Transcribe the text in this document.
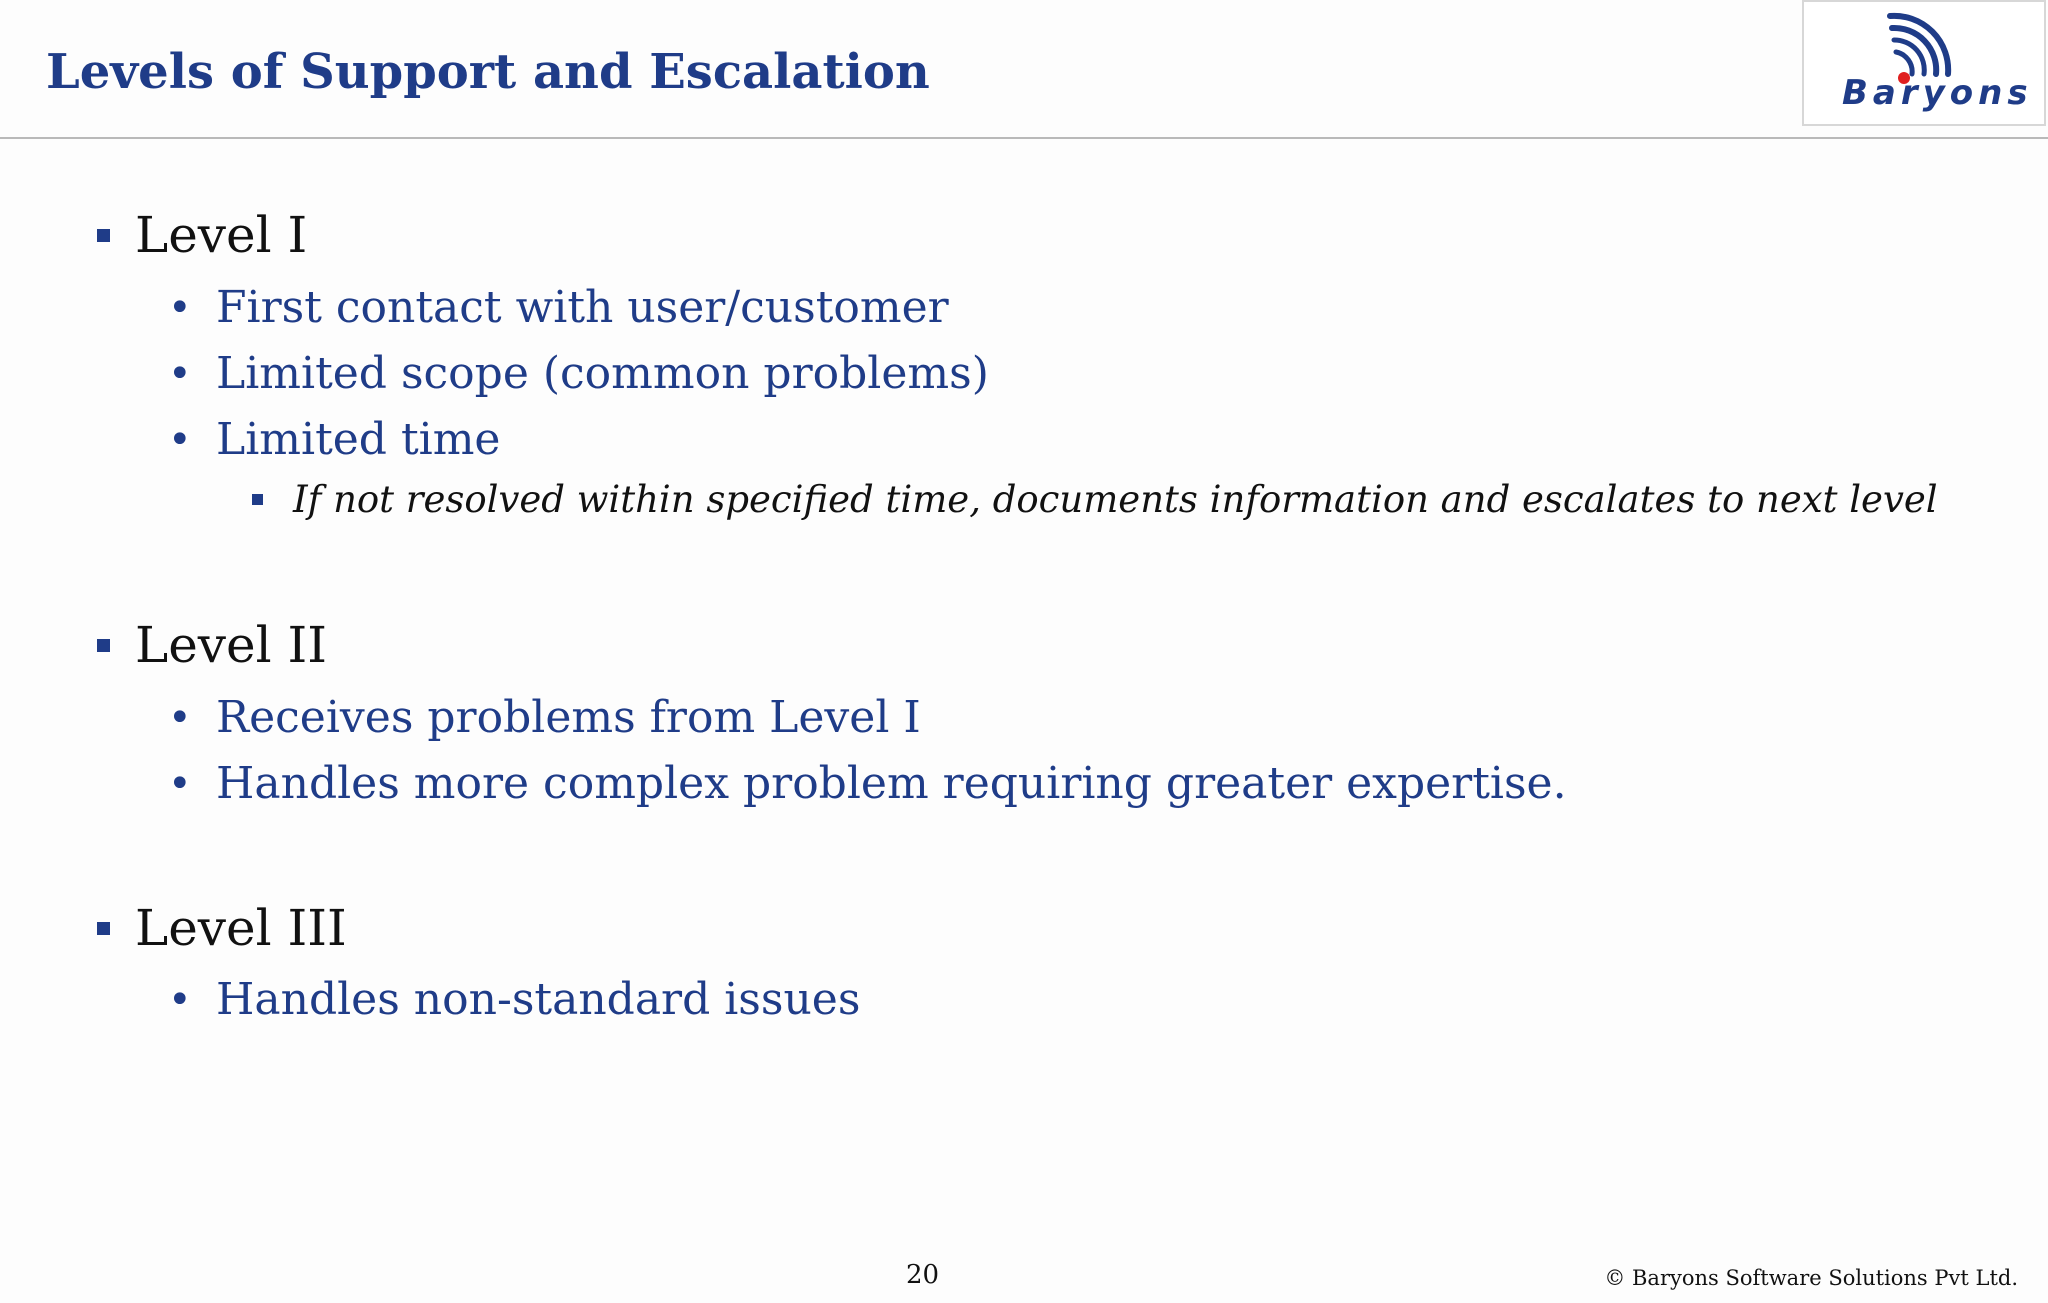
Levels of Support and Escalation	Baryons
Level I
• First contact with user/customer
• Limited scope (common problems)
• Limited time
If not resolved within specified time, documents information and escalates to next level
Level II
• Receives problems from Level I
• Handles more complex problem requiring greater expertise.
Level III
• Handles non-standard issues
20	© Baryons Software Solutions Pvt Ltd.
